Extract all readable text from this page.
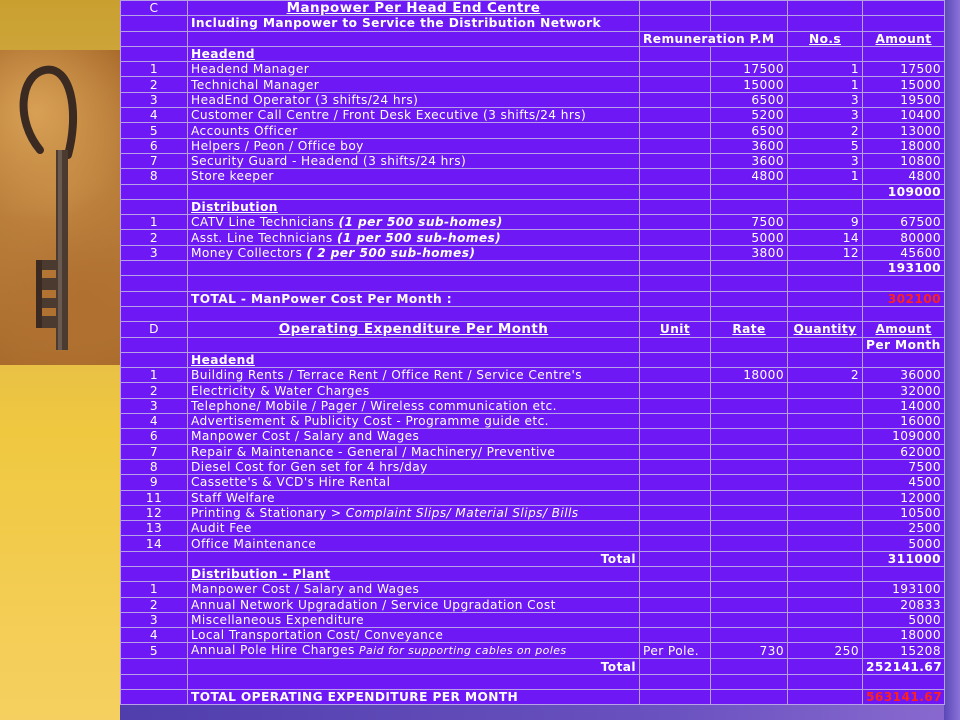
C	Manpower Per Head End Centre				
	Including Manpower to Service the Distribution Network				
		Remuneration P.M		No.s	Amount
	Headend				
1	Headend Manager		17500	1	17500
2	Technichal Manager		15000	1	15000
3	HeadEnd Operator (3 shifts/24 hrs)		6500	3	19500
4	Customer Call Centre / Front Desk Executive (3 shifts/24 hrs)		5200	3	10400
5	Accounts Officer		6500	2	13000
6	Helpers / Peon / Office boy		3600	5	18000
7	Security Guard - Headend (3 shifts/24 hrs)		3600	3	10800
8	Store keeper		4800	1	4800
					109000
	Distribution				
1	CATV Line Technicians (1 per 500 sub-homes)		7500	9	67500
2	Asst. Line Technicians (1 per 500 sub-homes)		5000	14	80000
3	Money Collectors ( 2 per 500 sub-homes)		3800	12	45600
					193100

	TOTAL - ManPower Cost Per Month :				302100

D	Operating Expenditure Per Month	Unit	Rate	Quantity	Amount
					Per Month
	Headend				
1	Building Rents / Terrace Rent / Office Rent / Service Centre's		18000	2	36000
2	Electricity & Water Charges				32000
3	Telephone/ Mobile / Pager / Wireless communication etc.				14000
4	Advertisement & Publicity Cost - Programme guide etc.				16000
6	Manpower Cost / Salary and Wages				109000
7	Repair & Maintenance - General / Machinery/ Preventive				62000
8	Diesel Cost for Gen set for 4 hrs/day				7500
9	Cassette's & VCD's Hire Rental				4500
11	Staff Welfare				12000
12	Printing & Stationary > Complaint Slips/ Material Slips/ Bills				10500
13	Audit Fee				2500
14	Office Maintenance				5000
	Total				311000
	Distribution - Plant				
1	Manpower Cost / Salary and Wages				193100
2	Annual Network Upgradation / Service Upgradation Cost				20833
3	Miscellaneous Expenditure				5000
4	Local Transportation Cost/ Conveyance				18000
5	Annual Pole Hire Charges Paid for supporting cables on poles	Per Pole.	730	250	15208
	Total				252141.67

	TOTAL OPERATING EXPENDITURE PER MONTH				563141.67
